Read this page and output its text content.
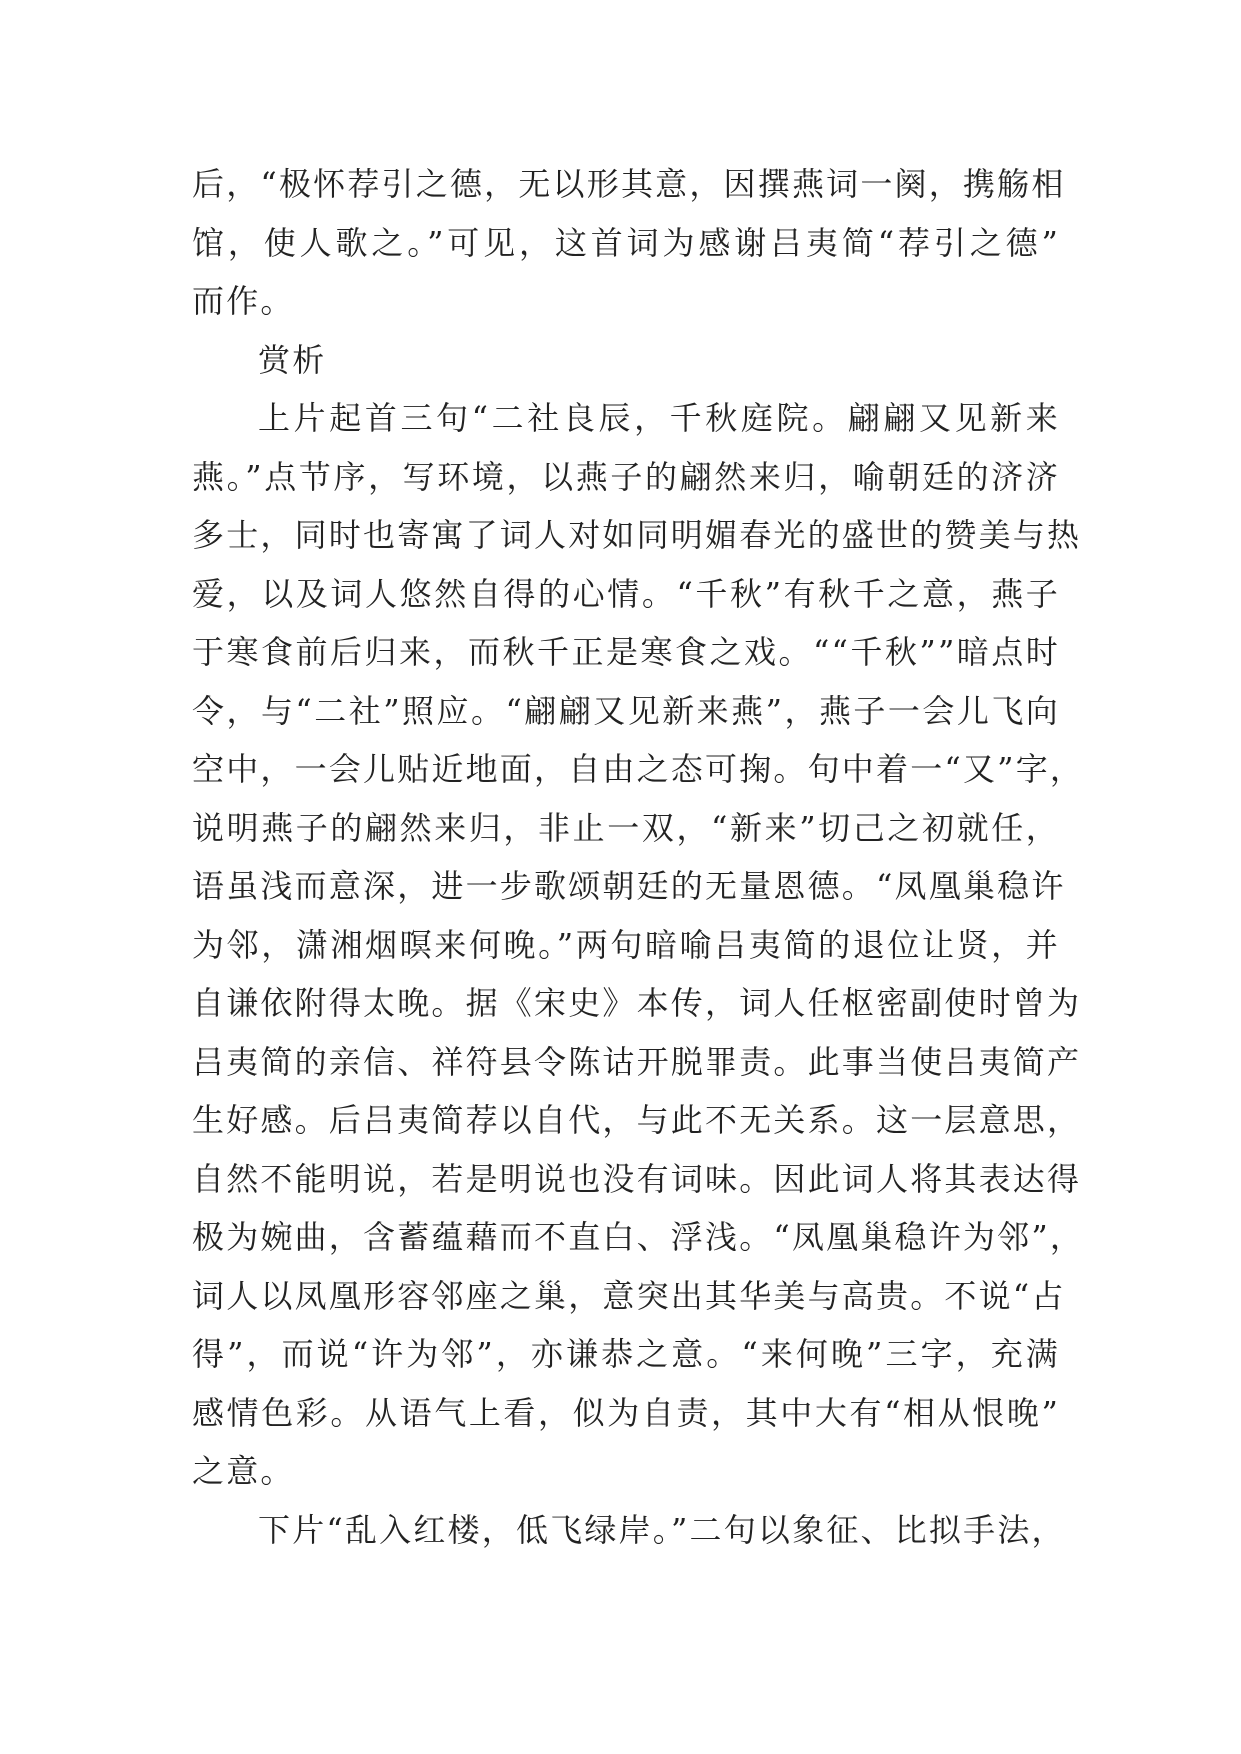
后，“极怀荐引之德，无以形其意，因撰燕词一阕，携觞相
馆，使人歌之。”可见，这首词为感谢吕夷简“荐引之德”
而作。
赏析
上片起首三句“二社良辰，千秋庭院。翩翩又见新来
燕。”点节序，写环境，以燕子的翩然来归，喻朝廷的济济
多士，同时也寄寓了词人对如同明媚春光的盛世的赞美与热
爱，以及词人悠然自得的心情。“千秋”有秋千之意，燕子
于寒食前后归来，而秋千正是寒食之戏。““千秋””暗点时
令，与“二社”照应。“翩翩又见新来燕”，燕子一会儿飞向
空中，一会儿贴近地面，自由之态可掬。句中着一“又”字，
说明燕子的翩然来归，非止一双，“新来”切己之初就任，
语虽浅而意深，进一步歌颂朝廷的无量恩德。“凤凰巢稳许
为邻，潇湘烟暝来何晚。”两句暗喻吕夷简的退位让贤，并
自谦依附得太晚。据《宋史》本传，词人任枢密副使时曾为
吕夷简的亲信、祥符县令陈诂开脱罪责。此事当使吕夷简产
生好感。后吕夷简荐以自代，与此不无关系。这一层意思，
自然不能明说，若是明说也没有词味。因此词人将其表达得
极为婉曲，含蓄蕴藉而不直白、浮浅。“凤凰巢稳许为邻”，
词人以凤凰形容邻座之巢，意突出其华美与高贵。不说“占
得”，而说“许为邻”，亦谦恭之意。“来何晚”三字，充满
感情色彩。从语气上看，似为自责，其中大有“相从恨晚”
之意。
下片“乱入红楼，低飞绿岸。”二句以象征、比拟手法，
